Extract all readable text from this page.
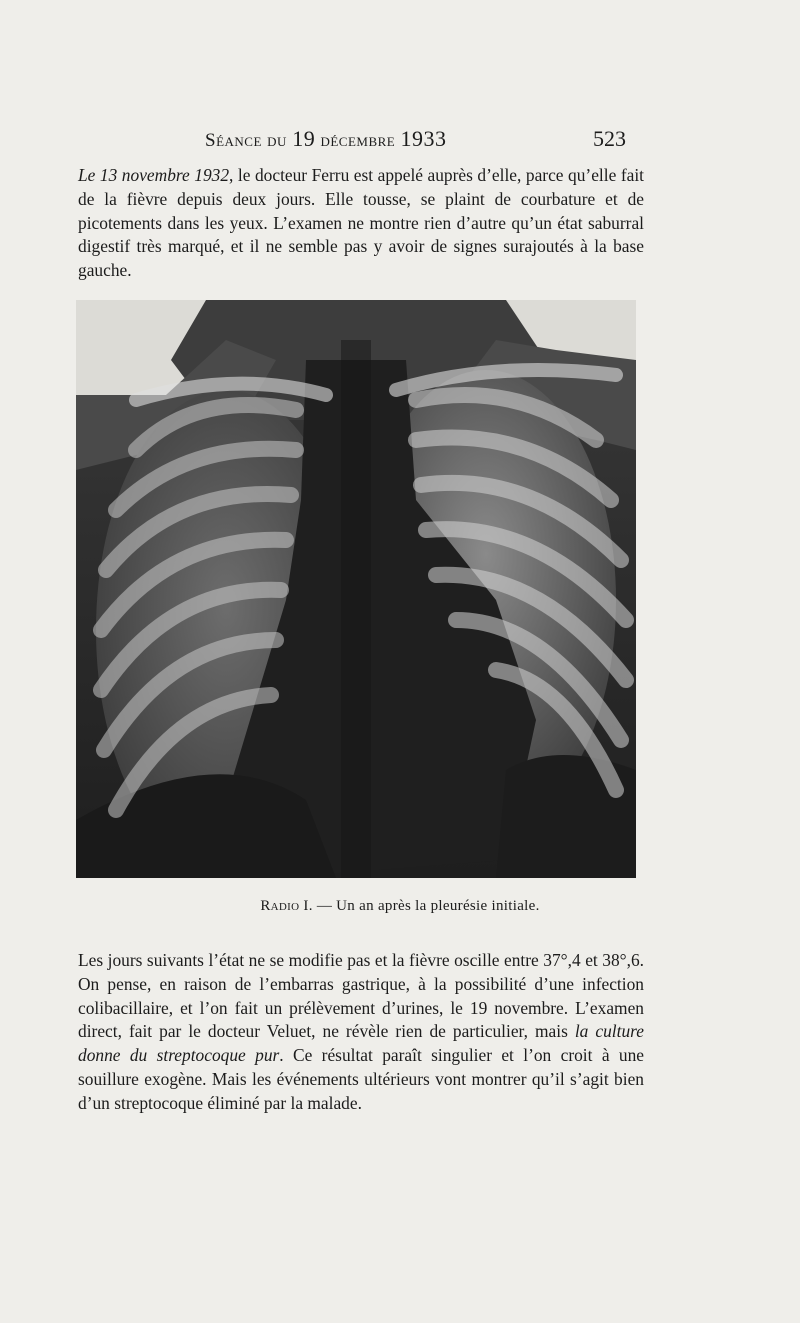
Séance du 19 décembre 1933	523

Le 13 novembre 1932, le docteur Ferru est appelé auprès d’elle, parce qu’elle fait de la fièvre depuis deux jours. Elle tousse, se plaint de courbature et de picotements dans les yeux. L’examen ne montre rien d’autre qu’un état saburral digestif très marqué, et il ne semble pas y avoir de signes surajoutés à la base gauche.

Radio I. — Un an après la pleurésie initiale.

Les jours suivants l’état ne se modifie pas et la fièvre oscille entre 37°,4 et 38°,6. On pense, en raison de l’embarras gastrique, à la possibilité d’une infection colibacillaire, et l’on fait un prélèvement d’urines, le 19 novembre. L’examen direct, fait par le docteur Veluet, ne révèle rien de particulier, mais la culture donne du streptocoque pur. Ce résultat paraît singulier et l’on croit à une souillure exogène. Mais les événements ultérieurs vont montrer qu’il s’agit bien d’un streptocoque éliminé par la malade.
